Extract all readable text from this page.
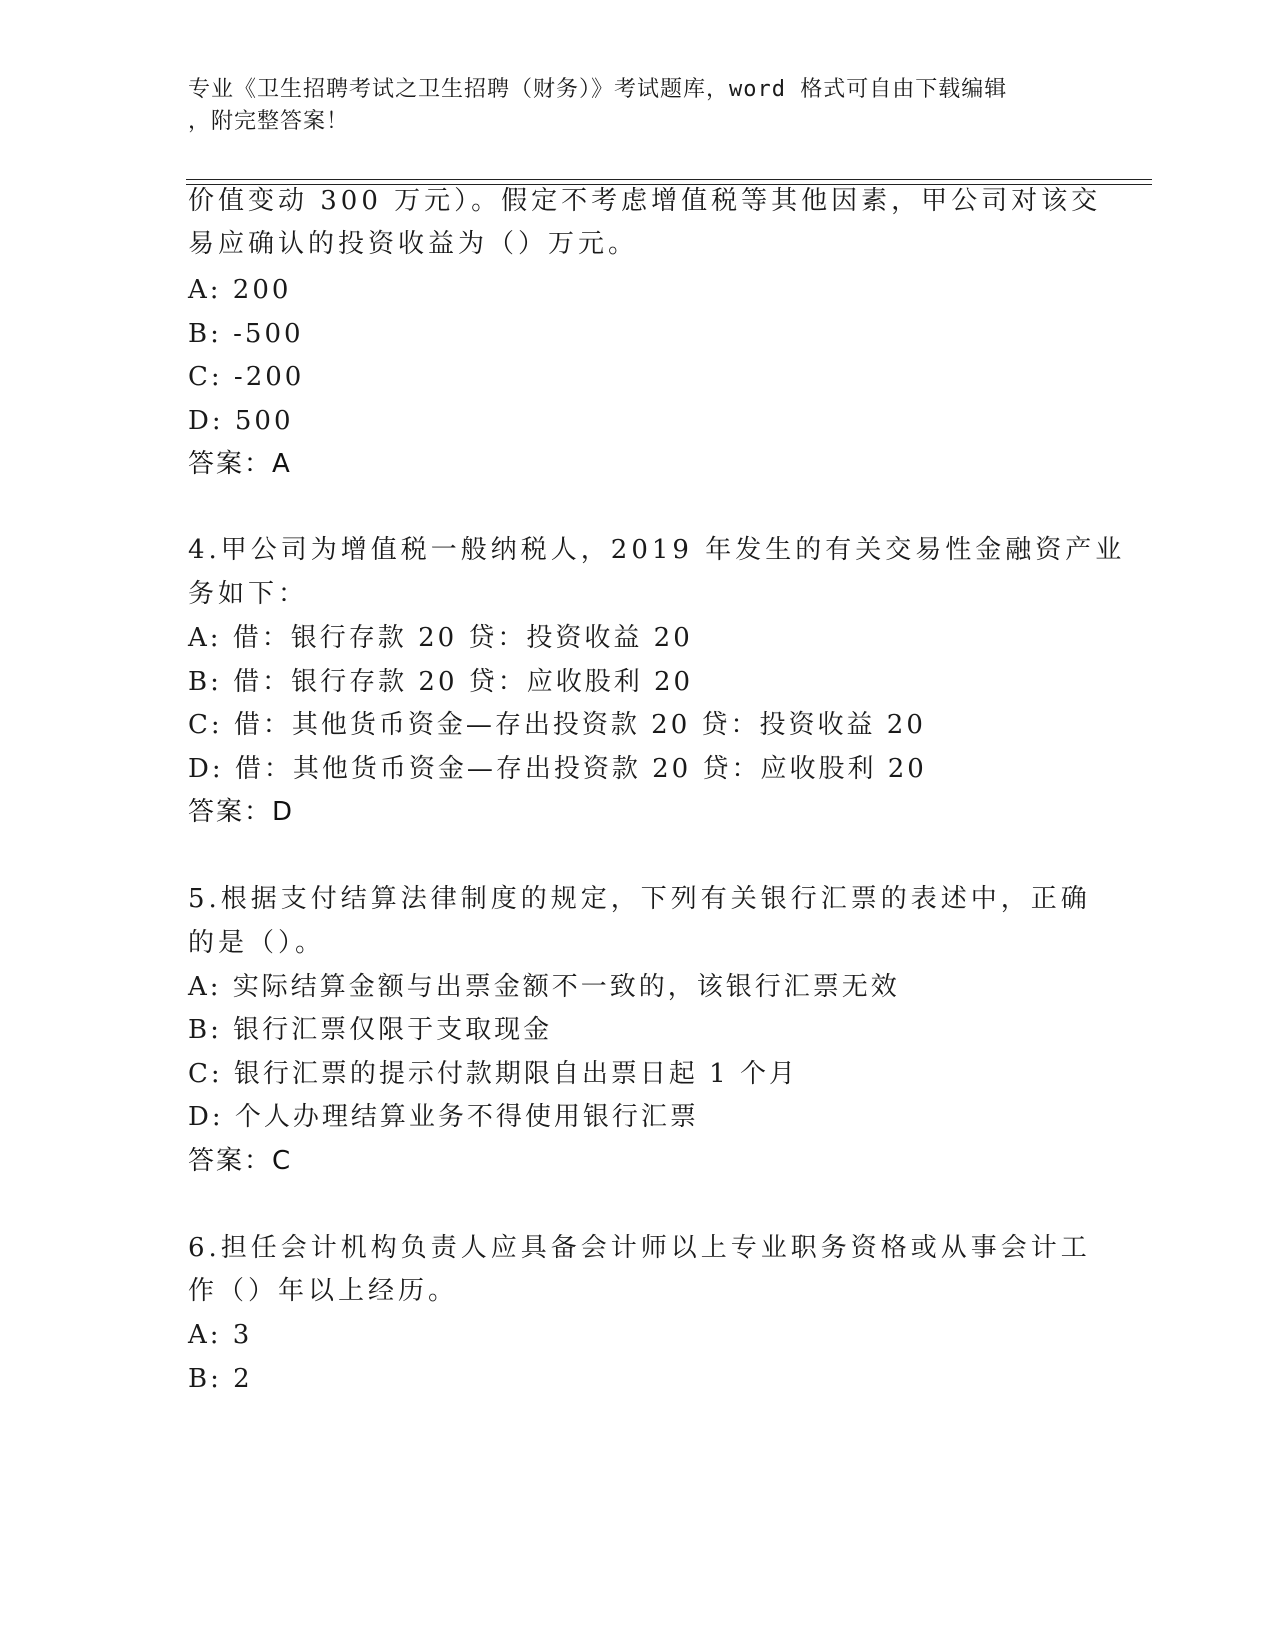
专业《卫生招聘考试之卫生招聘（财务）》考试题库，word 格式可自由下载编辑
，附完整答案！
价值变动 300 万元）。假定不考虑增值税等其他因素，甲公司对该交
易应确认的投资收益为（）万元。
A: 200
B: -500
C: -200
D: 500
答案：A
4.甲公司为增值税一般纳税人，2019 年发生的有关交易性金融资产业
务如下：
A: 借：银行存款 20 贷：投资收益 20
B: 借：银行存款 20 贷：应收股利 20
C: 借：其他货币资金—存出投资款 20 贷：投资收益 20
D: 借：其他货币资金—存出投资款 20 贷：应收股利 20
答案：D
5.根据支付结算法律制度的规定，下列有关银行汇票的表述中，正确
的是（）。
A: 实际结算金额与出票金额不一致的，该银行汇票无效
B: 银行汇票仅限于支取现金
C: 银行汇票的提示付款期限自出票日起 1 个月
D: 个人办理结算业务不得使用银行汇票
答案：C
6.担任会计机构负责人应具备会计师以上专业职务资格或从事会计工
作（）年以上经历。
A: 3
B: 2
